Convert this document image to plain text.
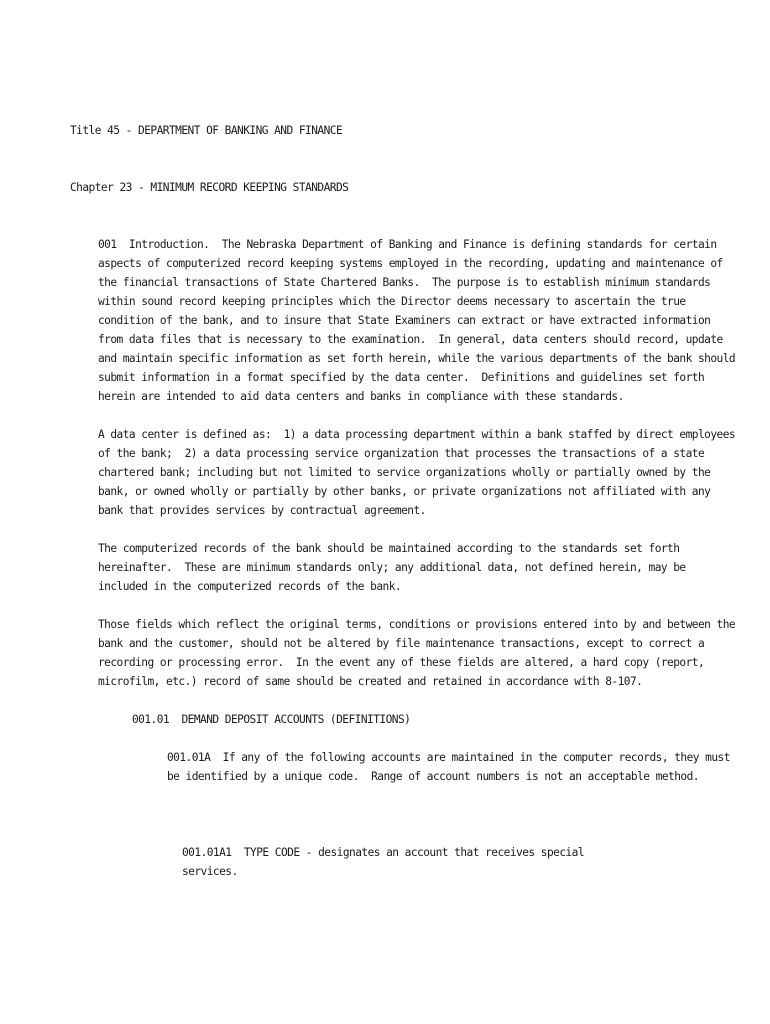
Title 45 - DEPARTMENT OF BANKING AND FINANCE
Chapter 23 - MINIMUM RECORD KEEPING STANDARDS
001  Introduction.  The Nebraska Department of Banking and Finance is defining standards for certain
aspects of computerized record keeping systems employed in the recording, updating and maintenance of
the financial transactions of State Chartered Banks.  The purpose is to establish minimum standards
within sound record keeping principles which the Director deems necessary to ascertain the true
condition of the bank, and to insure that State Examiners can extract or have extracted information
from data files that is necessary to the examination.  In general, data centers should record, update
and maintain specific information as set forth herein, while the various departments of the bank should
submit information in a format specified by the data center.  Definitions and guidelines set forth
herein are intended to aid data centers and banks in compliance with these standards.
A data center is defined as:  1) a data processing department within a bank staffed by direct employees
of the bank;  2) a data processing service organization that processes the transactions of a state
chartered bank; including but not limited to service organizations wholly or partially owned by the
bank, or owned wholly or partially by other banks, or private organizations not affiliated with any
bank that provides services by contractual agreement.
The computerized records of the bank should be maintained according to the standards set forth
hereinafter.  These are minimum standards only; any additional data, not defined herein, may be
included in the computerized records of the bank.
Those fields which reflect the original terms, conditions or provisions entered into by and between the
bank and the customer, should not be altered by file maintenance transactions, except to correct a
recording or processing error.  In the event any of these fields are altered, a hard copy (report,
microfilm, etc.) record of same should be created and retained in accordance with 8-107.
001.01  DEMAND DEPOSIT ACCOUNTS (DEFINITIONS)
001.01A  If any of the following accounts are maintained in the computer records, they must
be identified by a unique code.  Range of account numbers is not an acceptable method.
001.01A1  TYPE CODE - designates an account that receives special
services.
